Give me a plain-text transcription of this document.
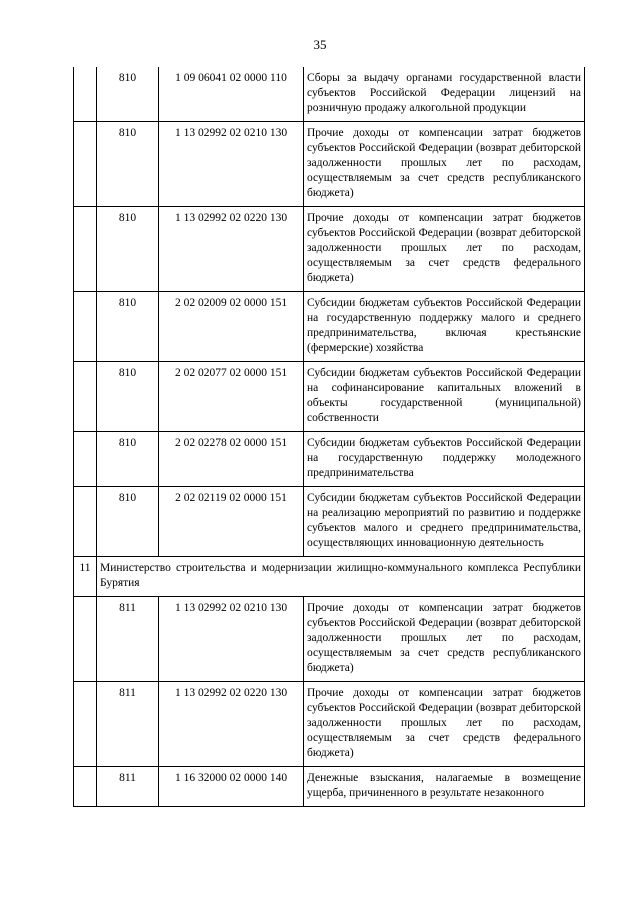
35
	810	1 09 06041 02 0000 110	Сборы за выдачу органами государственной власти субъектов Российской Федерации лицензий на розничную продажу алкогольной продукции
	810	1 13 02992 02 0210 130	Прочие доходы от компенсации затрат бюджетов субъектов Российской Федерации (возврат дебиторской задолженности прошлых лет по расходам, осуществляемым за счет средств республиканского бюджета)
	810	1 13 02992 02 0220 130	Прочие доходы от компенсации затрат бюджетов субъектов Российской Федерации (возврат дебиторской задолженности прошлых лет по расходам, осуществляемым за счет средств федерального бюджета)
	810	2 02 02009 02 0000 151	Субсидии бюджетам субъектов Российской Федерации на государственную поддержку малого и среднего предпринимательства, включая крестьянские (фермерские) хозяйства
	810	2 02 02077 02 0000 151	Субсидии бюджетам субъектов Российской Федерации на софинансирование капитальных вложений в объекты государственной (муниципальной) собственности
	810	2 02 02278 02 0000 151	Субсидии бюджетам субъектов Российской Федерации на государственную поддержку молодежного предпринимательства
	810	2 02 02119 02 0000 151	Субсидии бюджетам субъектов Российской Федерации на реализацию мероприятий по развитию и поддержке субъектов малого и среднего предпринимательства, осуществляющих инновационную деятельность
11	Министерство строительства и модернизации жилищно-коммунального комплекса Республики Бурятия		
	811	1 13 02992 02 0210 130	Прочие доходы от компенсации затрат бюджетов субъектов Российской Федерации (возврат дебиторской задолженности прошлых лет по расходам, осуществляемым за счет средств республиканского бюджета)
	811	1 13 02992 02 0220 130	Прочие доходы от компенсации затрат бюджетов субъектов Российской Федерации (возврат дебиторской задолженности прошлых лет по расходам, осуществляемым за счет средств федерального бюджета)
	811	1 16 32000 02 0000 140	Денежные взыскания, налагаемые в возмещение ущерба, причиненного в результате незаконного
